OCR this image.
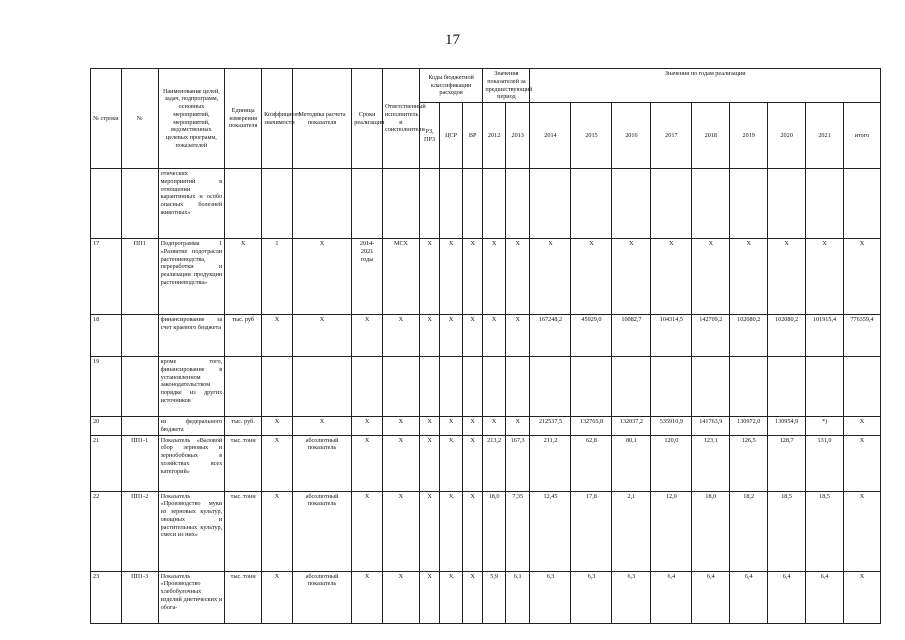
17
№ строки	№	Наименование целей, задач, подпрограмм, основных мероприятий, мероприятий, ведомственных целевых программ, показателей	Единица измерения показателя	Коэффициент значимости	Методика расчета показателя	Сроки реализации	Ответственный исполнитель и соисполнители	Коды бюджетной классификации расходов			Значения показателей за предшествующий период		Значения по годам реализации								
								РЗ, ПРЗ	ЦСР	ВР	2012	2013	2014	2015	2016	2017	2018	2019	2020	2021	итого
		отических мероприятий в отношении карантинных и особо опасных болезней животных»																			
17	ПП1	Подпрограмма 1 «Развитие подотрасли растениеводства, переработки и реализации продукции растениеводства»	X	1	X	2014-2021 годы	МСХ	X	X	X	X	X	X	X	X	X	X	X	X	X	X
18		финансирование за счет краевого бюджета	тыс. руб	X	X	X	X	X	X	X	X	X	167248,2	45929,0	10082,7	104314,5	142709,2	102080,2	102080,2	101915,4	776359,4
19		кроме того, финансирование в установленном законодательством порядке из других источников																			
20		из федерального бюджета	тыс. руб.	X	X	X	X	X	X	X	X	X	212537,5	132765,8	132037,2	535910,9	141763,9	130972,0	130954,9	*)	X
21	ПП1-1	Показатель «Валовой сбор зерновых и зернобобовых в хозяйствах всех категорий»	тыс. тонн	X	абсолютный показатель	X	X	X	X	X	213,2	167,3	211,2	62,8	80,1	120,0	123,1	126,5	128,7	131,0	X
22	ПП1-2	Показатель «Производство муки из зерновых культур, овощных и растительных культур, смеси из них»	тыс. тонн	X	абсолютный показатель	X	X	X	X	X	18,0	7,35	12,45	17,8	2,1	12,0	18,0	18,2	18,5	18,5	X
23	ПП1-3	Показатель «Производство хлебобулочных изделий диетических и обога-	тыс. тонн	X	абсолютный показатель	X	X	X	X	X	5,9	6,1	6,3	6,3	6,3	6,4	6,4	6,4	6,4	6,4	X
